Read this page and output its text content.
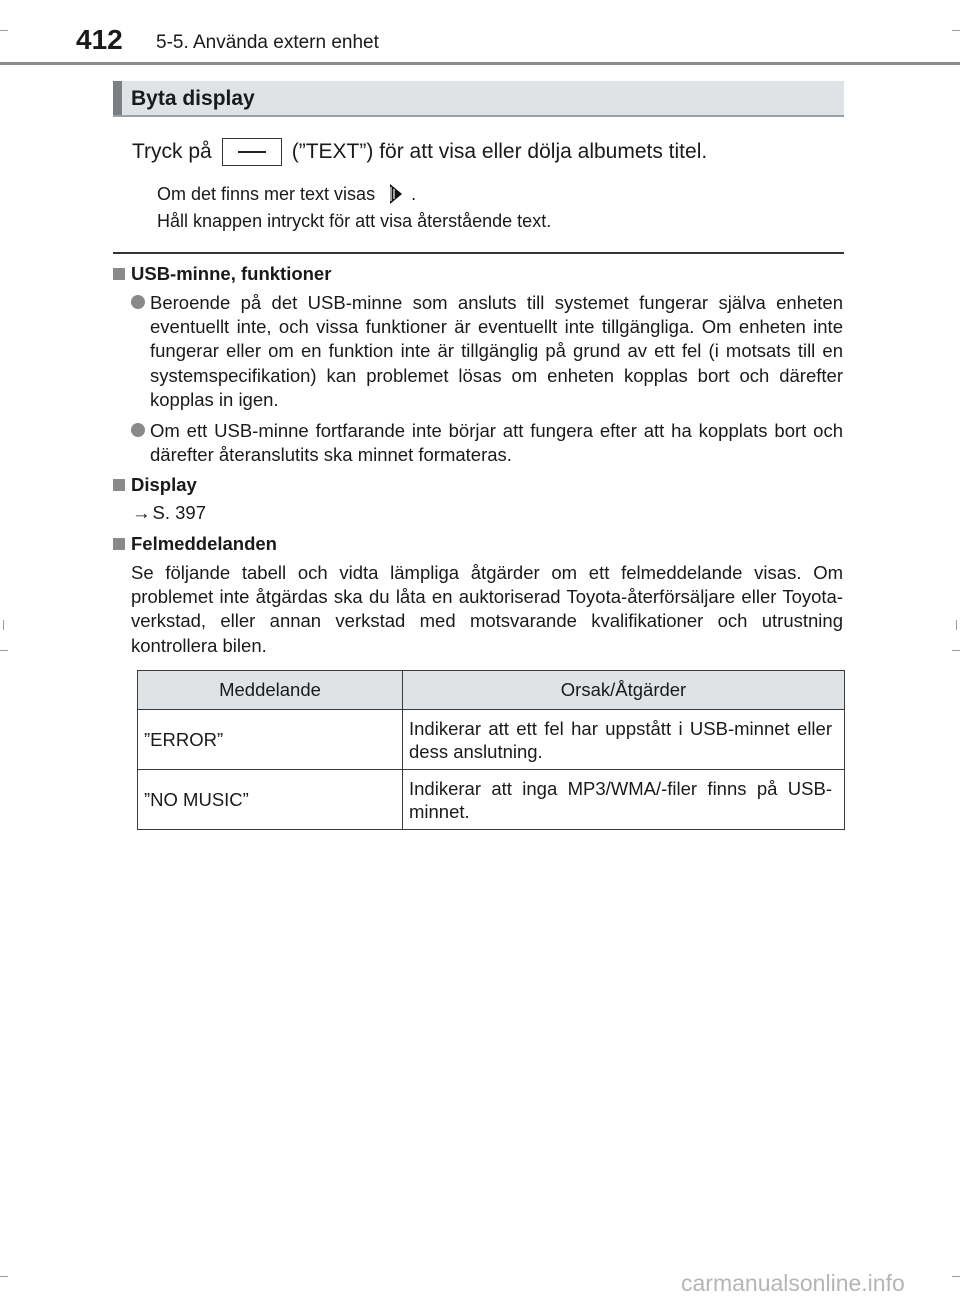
412 5-5. Använda extern enhet
Byta display
Tryck på	(”TEXT”) för att visa eller dölja albumets titel.
Om det finns mer text visas .
Håll knappen intryckt för att visa återstående text.
USB-minne, funktioner

Beroende på det USB-minne som ansluts till systemet fungerar själva enheten eventuellt inte, och vissa funktioner är eventuellt inte tillgängliga. Om enheten inte fungerar eller om en funktion inte är tillgänglig på grund av ett fel (i motsats till en systemspecifikation) kan problemet lösas om enheten kopplas bort och därefter kopplas in igen.

Om ett USB-minne fortfarande inte börjar att fungera efter att ha kopplats bort och därefter återanslutits ska minnet formateras.

Display
→ S. 397
Felmeddelanden

Se följande tabell och vidta lämpliga åtgärder om ett felmeddelande visas. Om problemet inte åtgärdas ska du låta en auktoriserad Toyota-återförsäljare eller Toyota-verkstad, eller annan verkstad med motsvarande kvalifikationer och utrustning kontrollera bilen.

Meddelande	Orsak/Åtgärder
”ERROR”	Indikerar att ett fel har uppstått i USB-minnet eller dess anslutning.
”NO MUSIC”	Indikerar att inga MP3/WMA/-filer finns på USB-minnet.
carmanualsonline.info
